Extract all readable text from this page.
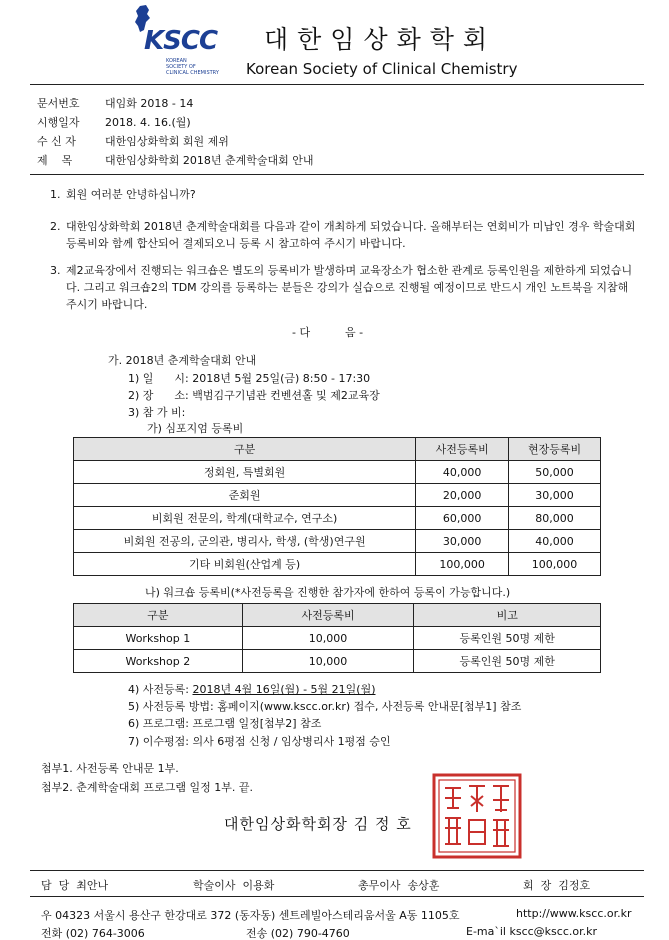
KSCC
KOREAN
SOCIETY OF
CLINICAL CHEMISTRY
대한임상화학회
Korean Society of Clinical Chemistry
문서번호	대임화 2018 - 14
시행일자	2018. 4. 16.(월)
수 신 자	대한임상화학회 회원 제위
제    목	대한임상화학회 2018년 춘계학술대회 안내
1. 회원 여러분 안녕하십니까?
2. 대한임상화학회 2018년 춘계학술대회를 다음과 같이 개최하게 되었습니다. 올해부터는 연회비가 미납인 경우 학술대회 등록비와 함께 합산되어 결제되오니 등록 시 참고하여 주시기 바랍니다.
3. 제2교육장에서 진행되는 워크숍은 별도의 등록비가 발생하며 교육장소가 협소한 관계로 등록인원을 제한하게 되었습니다. 그리고 워크숍2의 TDM 강의를 등록하는 분들은 강의가 실습으로 진행될 예정이므로 반드시 개인 노트북을 지참해 주시기 바랍니다.
- 다          음 -
가. 2018년 춘계학술대회 안내
1) 일      시: 2018년 5월 25일(금) 8:50 - 17:30
2) 장      소: 백범김구기념관 컨벤션홀 및 제2교육장
3) 참 가 비:
가) 심포지엄 등록비
구분	사전등록비	현장등록비
정회원, 특별회원	40,000	50,000
준회원	20,000	30,000
비회원 전문의, 학계(대학교수, 연구소)	60,000	80,000
비회원 전공의, 군의관, 병리사, 학생, (학생)연구원	30,000	40,000
기타 비회원(산업계 등)	100,000	100,000
나) 워크숍 등록비(*사전등록을 진행한 참가자에 한하여 등록이 가능합니다.)
구분	사전등록비	비고
Workshop 1	10,000	등록인원 50명 제한
Workshop 2	10,000	등록인원 50명 제한
4) 사전등록: 2018년 4월 16일(월) - 5월 21일(월)
5) 사전등록 방법: 홈페이지(www.kscc.or.kr) 접수, 사전등록 안내문[첨부1] 참조
6) 프로그램: 프로그램 일정[첨부2] 참조
7) 이수평점: 의사 6평점 신청 / 임상병리사 1평점 승인
첨부1. 사전등록 안내문 1부.
첨부2. 춘계학술대회 프로그램 일정 1부. 끝.
대한임상화학회장 김 정 호
담  당  최안나	학술이사  이용화	총무이사  송상훈	회  장  김정호
우 04323 서울시 용산구 한강대로 372 (동자동) 센트레빌아스테리움서울 A동 1105호	http://www.kscc.or.kr
전화 (02) 764-3006	전송 (02) 790-4760	E-ma`il kscc@kscc.or.kr
